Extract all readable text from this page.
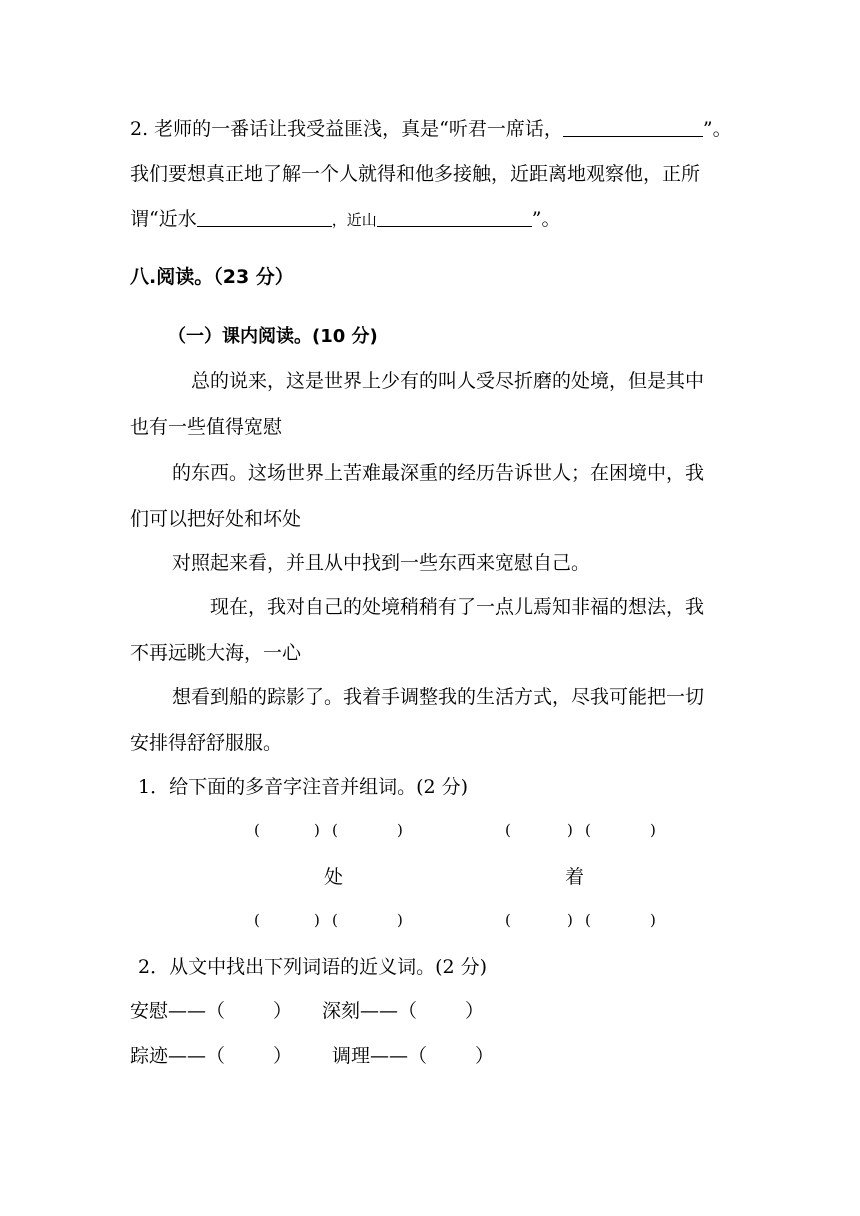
2. 老师的一番话让我受益匪浅，真是“听君一席话，	”。
我们要想真正地了解一个人就得和他多接触，近距离地观察他，正所
谓“近水	，近山	”。
八.阅读。（23 分）
（一）课内阅读。(10 分)
总的说来，这是世界上少有的叫人受尽折磨的处境，但是其中
也有一些值得宽慰
的东西。这场世界上苦难最深重的经历告诉世人；在困境中，我
们可以把好处和坏处
对照起来看，并且从中找到一些东西来宽慰自己。
现在，我对自己的处境稍稍有了一点儿焉知非福的想法，我
不再远眺大海，一心
想看到船的踪影了。我着手调整我的生活方式，尽我可能把一切
安排得舒舒服服。
1．给下面的多音字注音并组词。(2 分)
(	) (	)	(	) (	)
处	着
(	) (	)	(	) (	)
2．从文中找出下列词语的近义词。(2 分)
安慰——（	） 深刻——（	）
踪迹——（	） 调理——（	）
